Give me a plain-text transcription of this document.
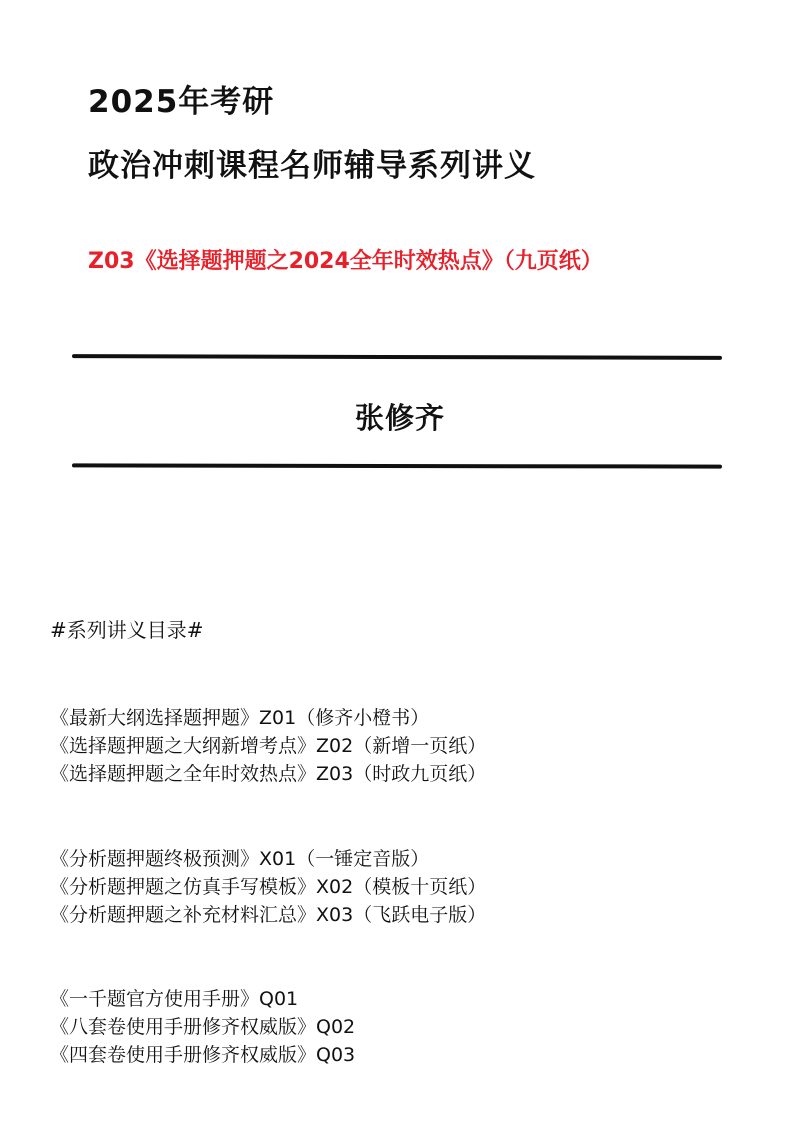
2025年考研
政治冲刺课程名师辅导系列讲义
Z03《选择题押题之2024全年时效热点》（九页纸）
张修齐
#系列讲义目录#
《最新大纲选择题押题》Z01（修齐小橙书）
《选择题押题之大纲新增考点》Z02（新增一页纸）
《选择题押题之全年时效热点》Z03（时政九页纸）
《分析题押题终极预测》X01（一锤定音版）
《分析题押题之仿真手写模板》X02（模板十页纸）
《分析题押题之补充材料汇总》X03（飞跃电子版）
《一千题官方使用手册》Q01
《八套卷使用手册修齐权威版》Q02
《四套卷使用手册修齐权威版》Q03
